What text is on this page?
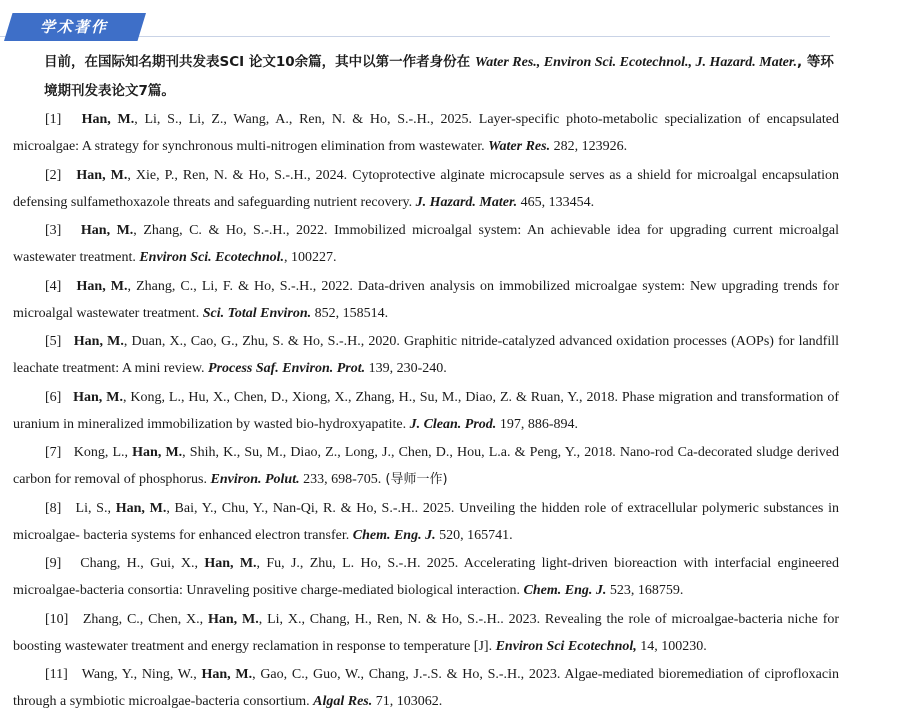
学术著作
目前，在国际知名期刊共发表SCI 论文10余篇，其中以第一作者身份在 Water Res., Environ Sci. Ecotechnol., J. Hazard. Mater., 等环境期刊发表论文7篇。

[1] Han, M., Li, S., Li, Z., Wang, A., Ren, N. & Ho, S.-.H., 2025. Layer-specific photo-metabolic specialization of encapsulated microalgae: A strategy for synchronous multi-nitrogen elimination from wastewater. Water Res. 282, 123926.

[2] Han, M., Xie, P., Ren, N. & Ho, S.-.H., 2024. Cytoprotective alginate microcapsule serves as a shield for microalgal encapsulation defensing sulfamethoxazole threats and safeguarding nutrient recovery. J. Hazard. Mater. 465, 133454.

[3] Han, M., Zhang, C. & Ho, S.-.H., 2022. Immobilized microalgal system: An achievable idea for upgrading current microalgal wastewater treatment. Environ Sci. Ecotechnol., 100227.

[4] Han, M., Zhang, C., Li, F. & Ho, S.-.H., 2022. Data-driven analysis on immobilized microalgae system: New upgrading trends for microalgal wastewater treatment. Sci. Total Environ. 852, 158514.

[5] Han, M., Duan, X., Cao, G., Zhu, S. & Ho, S.-.H., 2020. Graphitic nitride-catalyzed advanced oxidation processes (AOPs) for landfill leachate treatment: A mini review. Process Saf. Environ. Prot. 139, 230-240.

[6] Han, M., Kong, L., Hu, X., Chen, D., Xiong, X., Zhang, H., Su, M., Diao, Z. & Ruan, Y., 2018. Phase migration and transformation of uranium in mineralized immobilization by wasted bio-hydroxyapatite. J. Clean. Prod. 197, 886-894.

[7] Kong, L., Han, M., Shih, K., Su, M., Diao, Z., Long, J., Chen, D., Hou, L.a. & Peng, Y., 2018. Nano-rod Ca-decorated sludge derived carbon for removal of phosphorus. Environ. Polut. 233, 698-705. (导师一作)

[8] Li, S., Han, M., Bai, Y., Chu, Y., Nan-Qi, R. & Ho, S.-.H.. 2025. Unveiling the hidden role of extracellular polymeric substances in microalgae- bacteria systems for enhanced electron transfer. Chem. Eng. J. 520, 165741.

[9] Chang, H., Gui, X., Han, M., Fu, J., Zhu, L. Ho, S.-.H. 2025. Accelerating light-driven bioreaction with interfacial engineered microalgae-bacteria consortia: Unraveling positive charge-mediated biological interaction. Chem. Eng. J. 523, 168759.

[10] Zhang, C., Chen, X., Han, M., Li, X., Chang, H., Ren, N. & Ho, S.-.H.. 2023. Revealing the role of microalgae-bacteria niche for boosting wastewater treatment and energy reclamation in response to temperature [J]. Environ Sci Ecotechnol, 14, 100230.

[11] Wang, Y., Ning, W., Han, M., Gao, C., Guo, W., Chang, J.-.S. & Ho, S.-.H., 2023. Algae-mediated bioremediation of ciprofloxacin through a symbiotic microalgae-bacteria consortium. Algal Res. 71, 103062.
